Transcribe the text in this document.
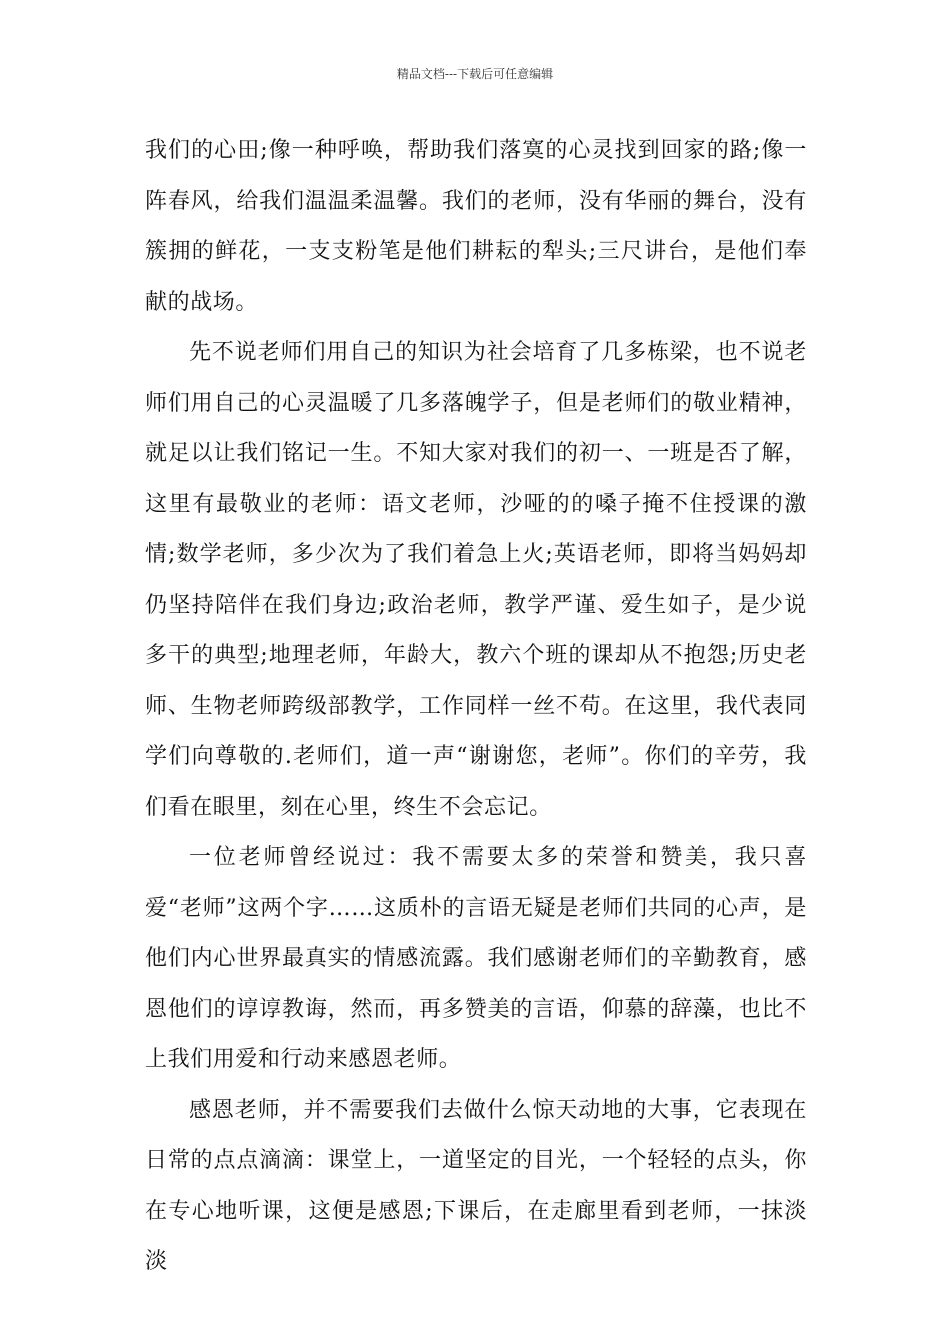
精品文档---下载后可任意编辑

我们的心田;像一种呼唤，帮助我们落寞的心灵找到回家的路;像一阵春风，给我们温温柔温馨。我们的老师，没有华丽的舞台，没有簇拥的鲜花，一支支粉笔是他们耕耘的犁头;三尺讲台，是他们奉献的战场。

先不说老师们用自己的知识为社会培育了几多栋梁，也不说老师们用自己的心灵温暖了几多落魄学子，但是老师们的敬业精神，就足以让我们铭记一生。不知大家对我们的初一、一班是否了解，这里有最敬业的老师：语文老师，沙哑的的嗓子掩不住授课的激情;数学老师，多少次为了我们着急上火;英语老师，即将当妈妈却仍坚持陪伴在我们身边;政治老师，教学严谨、爱生如子，是少说多干的典型;地理老师，年龄大，教六个班的课却从不抱怨;历史老师、生物老师跨级部教学，工作同样一丝不苟。在这里，我代表同学们向尊敬的.老师们，道一声“谢谢您，老师”。你们的辛劳，我们看在眼里，刻在心里，终生不会忘记。

一位老师曾经说过：我不需要太多的荣誉和赞美，我只喜爱“老师”这两个字……这质朴的言语无疑是老师们共同的心声，是他们内心世界最真实的情感流露。我们感谢老师们的辛勤教育，感恩他们的谆谆教诲，然而，再多赞美的言语，仰慕的辞藻，也比不上我们用爱和行动来感恩老师。

感恩老师，并不需要我们去做什么惊天动地的大事，它表现在日常的点点滴滴：课堂上，一道坚定的目光，一个轻轻的点头，你在专心地听课，这便是感恩;下课后，在走廊里看到老师，一抹淡淡
